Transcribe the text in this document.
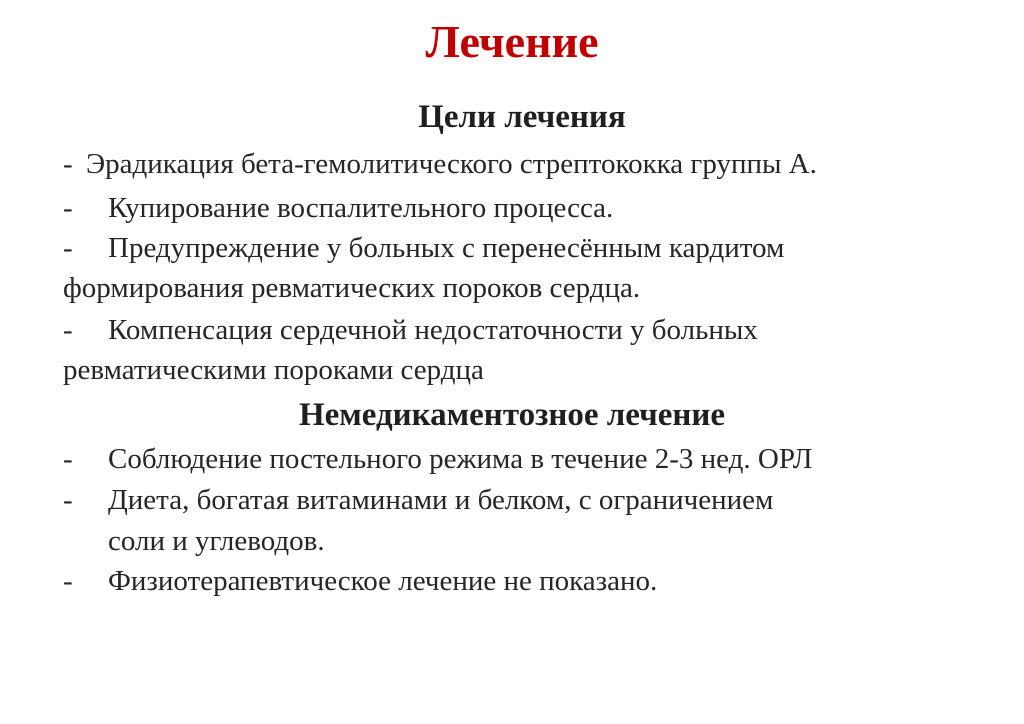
Лечение
Цели лечения
- Эрадикация бета-гемолитического стрептококка группы А.
- Купирование воспалительного процесса.
- Предупреждение у больных с перенесённым кардитом
формирования ревматических пороков сердца.
- Компенсация сердечной недостаточности у больных
ревматическими пороками сердца
Немедикаментозное лечение
- Соблюдение постельного режима в течение 2-3 нед. ОРЛ
- Диета, богатая витаминами и белком, с ограничением
соли и углеводов.
- Физиотерапевтическое лечение не показано.
